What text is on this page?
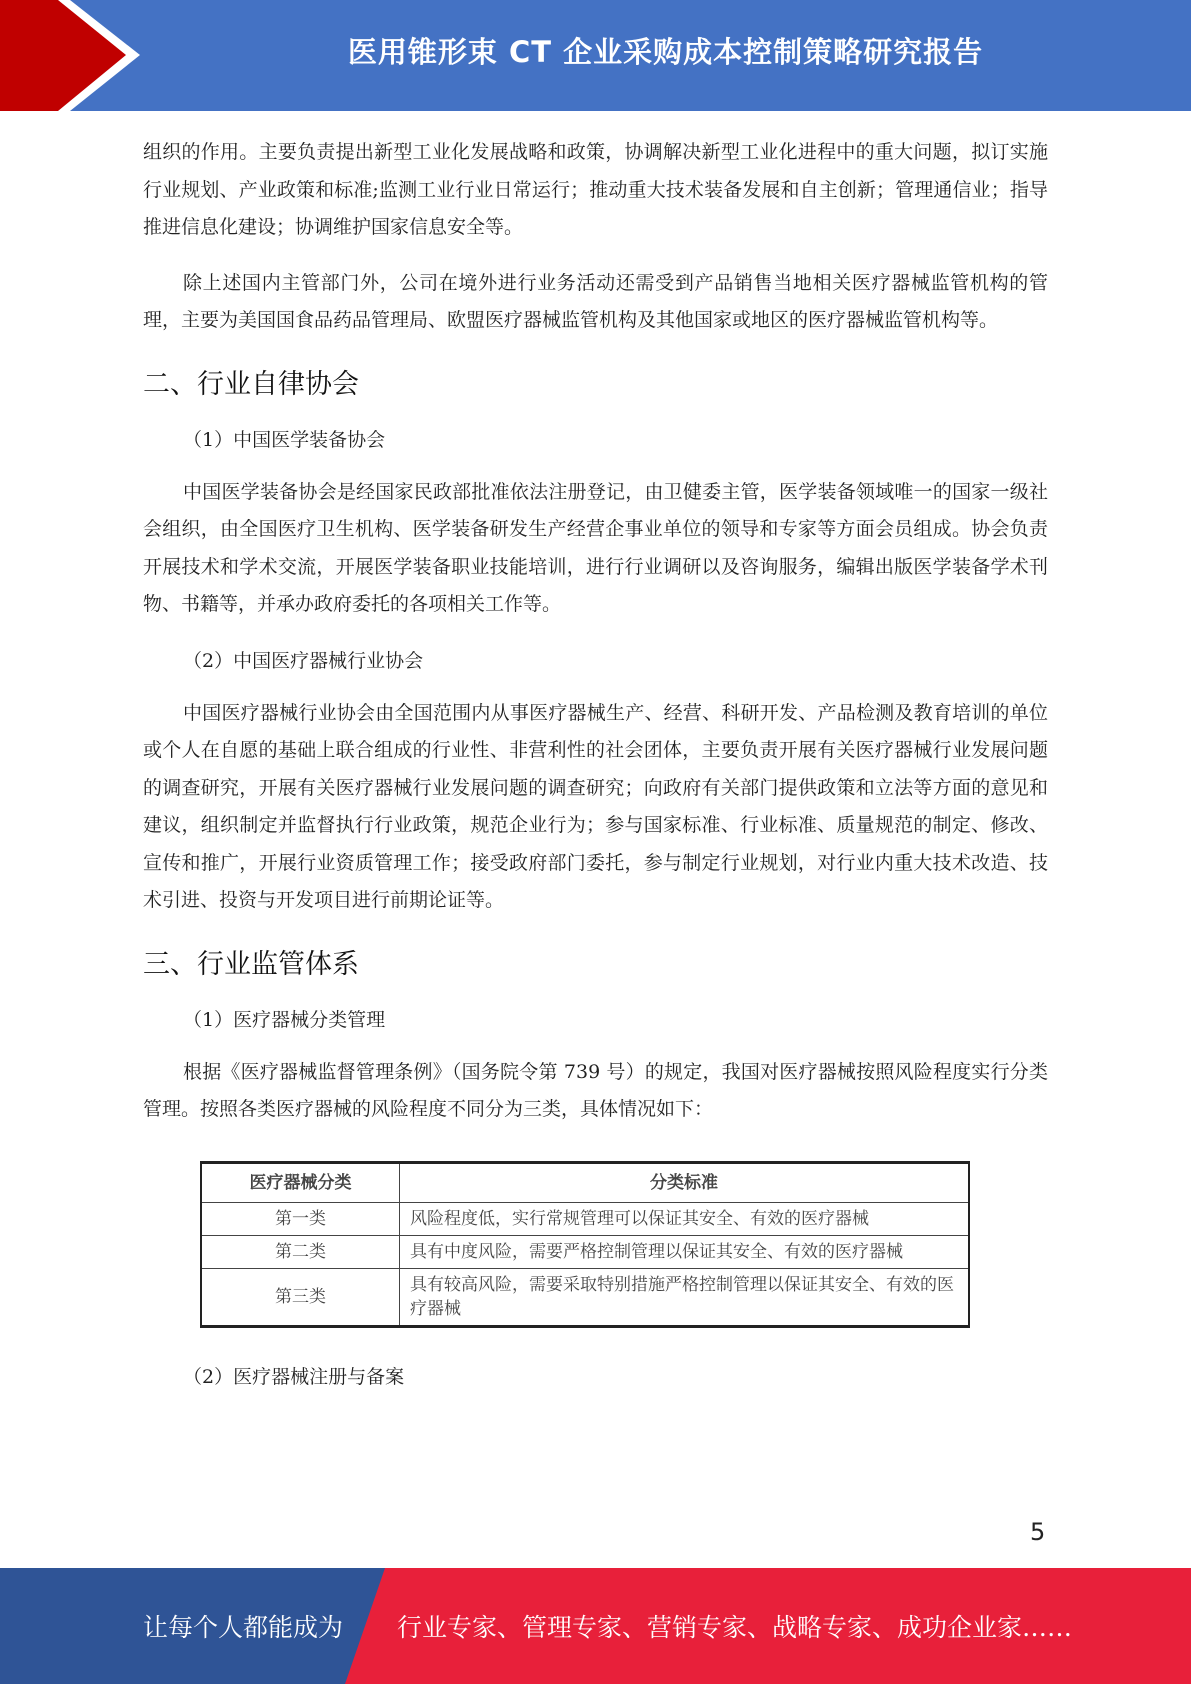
医用锥形束 CT 企业采购成本控制策略研究报告

组织的作用。主要负责提出新型工业化发展战略和政策，协调解决新型工业化进程中的重大问题，拟订实施行业规划、产业政策和标准;监测工业行业日常运行；推动重大技术装备发展和自主创新；管理通信业；指导推进信息化建设；协调维护国家信息安全等。

除上述国内主管部门外，公司在境外进行业务活动还需受到产品销售当地相关医疗器械监管机构的管理，主要为美国国食品药品管理局、欧盟医疗器械监管机构及其他国家或地区的医疗器械监管机构等。

二、行业自律协会

（1）中国医学装备协会

中国医学装备协会是经国家民政部批准依法注册登记，由卫健委主管，医学装备领域唯一的国家一级社会组织，由全国医疗卫生机构、医学装备研发生产经营企事业单位的领导和专家等方面会员组成。协会负责开展技术和学术交流，开展医学装备职业技能培训，进行行业调研以及咨询服务，编辑出版医学装备学术刊物、书籍等，并承办政府委托的各项相关工作等。

（2）中国医疗器械行业协会

中国医疗器械行业协会由全国范围内从事医疗器械生产、经营、科研开发、产品检测及教育培训的单位或个人在自愿的基础上联合组成的行业性、非营利性的社会团体，主要负责开展有关医疗器械行业发展问题的调查研究，开展有关医疗器械行业发展问题的调查研究；向政府有关部门提供政策和立法等方面的意见和建议，组织制定并监督执行行业政策，规范企业行为；参与国家标准、行业标准、质量规范的制定、修改、宣传和推广，开展行业资质管理工作；接受政府部门委托，参与制定行业规划，对行业内重大技术改造、技术引进、投资与开发项目进行前期论证等。

三、行业监管体系

（1）医疗器械分类管理

根据《医疗器械监督管理条例》（国务院令第 739 号）的规定，我国对医疗器械按照风险程度实行分类管理。按照各类医疗器械的风险程度不同分为三类，具体情况如下：

医疗器械分类	分类标准
第一类	风险程度低，实行常规管理可以保证其安全、有效的医疗器械
第二类	具有中度风险，需要严格控制管理以保证其安全、有效的医疗器械
第三类	具有较高风险，需要采取特别措施严格控制管理以保证其安全、有效的医疗器械

（2）医疗器械注册与备案

5
让每个人都能成为 行业专家、管理专家、营销专家、战略专家、成功企业家……
